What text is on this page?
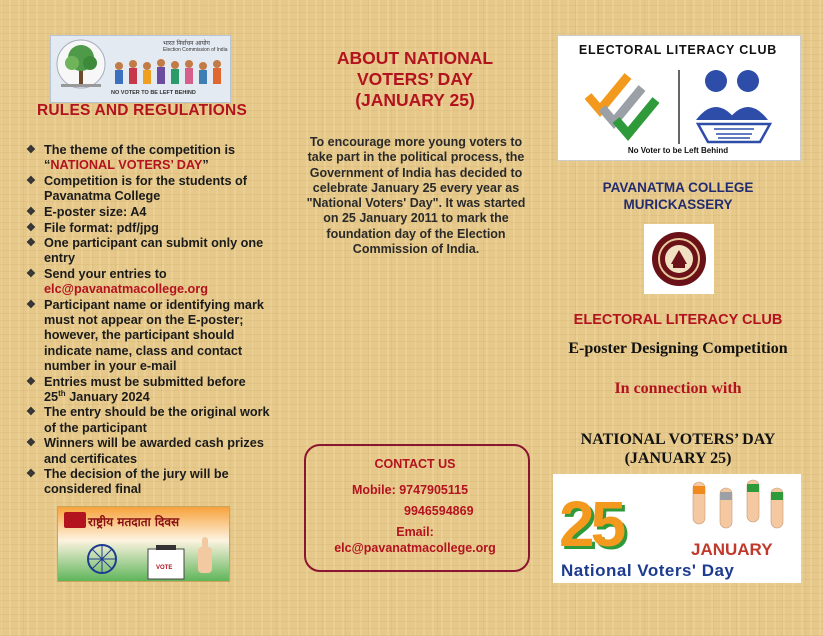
भारत निर्वाचन आयोग
Election Commission of India
NO VOTER TO BE LEFT BEHIND
RULES AND REGULATIONS
❖ The theme of the competition is “NATIONAL VOTERS’ DAY”
❖ Competition is for the students of Pavanatma College
❖ E-poster size: A4
❖ File format: pdf/jpg
❖ One participant can submit only one entry
❖ Send your entries to elc@pavanatmacollege.org
❖ Participant name or identifying mark must not appear on the E-poster; however, the participant should indicate name, class and contact number in your e-mail
❖ Entries must be submitted before 25th January 2024
❖ The entry should be the original work of the participant
❖ Winners will be awarded cash prizes and certificates
❖ The decision of the jury will be considered final
राष्ट्रीय मतदाता दिवस
VOTE
ABOUT NATIONAL VOTERS’ DAY (JANUARY 25)
To encourage more young voters to take part in the political process, the Government of India has decided to celebrate January 25 every year as "National Voters' Day". It was started on 25 January 2011 to mark the foundation day of the Election Commission of India.
CONTACT US
Mobile: 9747905115
9946594869
Email:
elc@pavanatmacollege.org
ELECTORAL LITERACY CLUB
No Voter to be Left Behind
PAVANATMA COLLEGE MURICKASSERY
ELECTORAL LITERACY CLUB
E-poster Designing Competition
In connection with
NATIONAL VOTERS’ DAY (JANUARY 25)
25	JANUARY
National Voters' Day
